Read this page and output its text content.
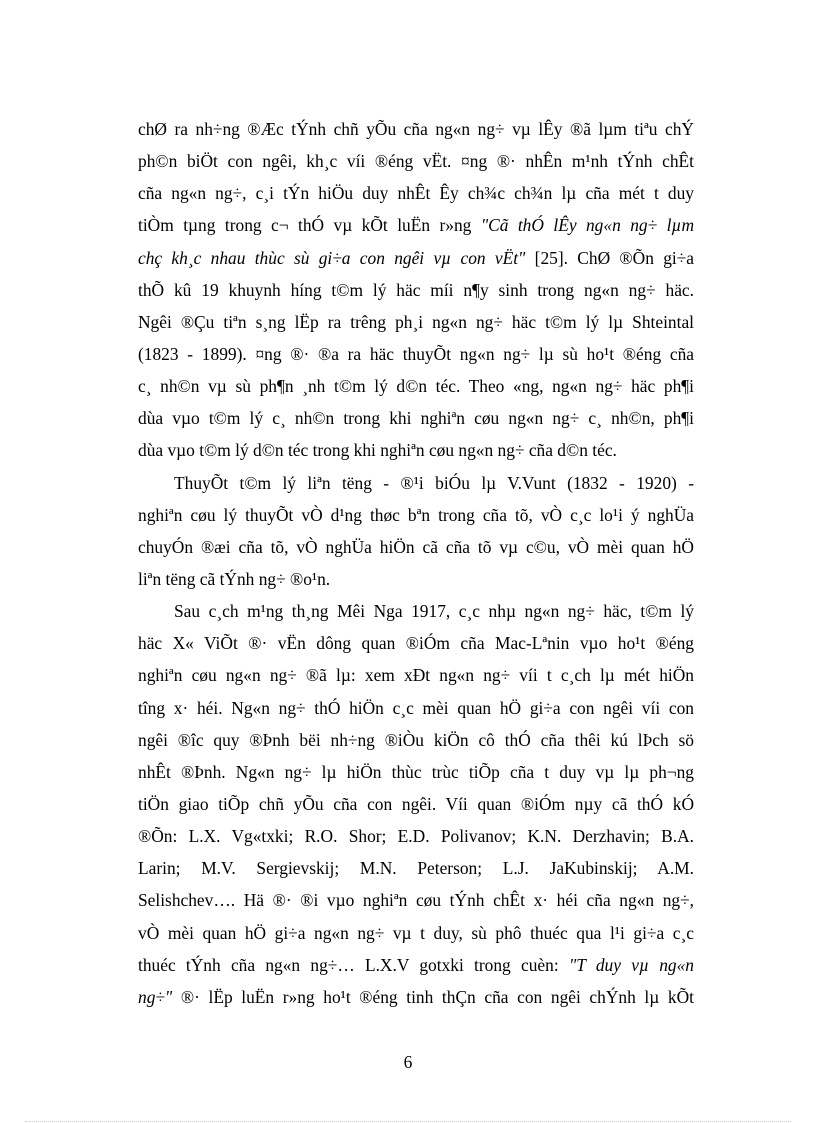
chØ ra nh÷ng ®Æc tÝnh chñ yÕu cña ng«n ng÷ vµ lÊy ®ã lµm tiªu chÝ
ph©n biÖt con ngêi, kh¸c víi ®éng vËt. ¤ng ®· nhÊn m¹nh tÝnh chÊt
cña ng«n ng÷, c¸i tÝn hiÖu duy nhÊt Êy ch¾c ch¾n lµ cña mét t duy
tiÒm tµng trong c¬ thÓ vµ kÕt luËn r»ng "Cã thÓ lÊy ng«n ng÷ lµm
chç kh¸c nhau thùc sù gi÷a con ngêi vµ con vËt" [25]. ChØ ®Õn gi÷a
thÕ kû 19 khuynh híng t©m lý häc míi n¶y sinh trong ng«n ng÷ häc.
Ngêi ®Çu tiªn s¸ng lËp ra trêng ph¸i ng«n ng÷ häc t©m lý lµ Shteintal
(1823 - 1899). ¤ng ®· ®a ra häc thuyÕt ng«n ng÷ lµ sù ho¹t ®éng cña
c¸ nh©n vµ sù ph¶n ¸nh t©m lý d©n téc. Theo «ng, ng«n ng÷ häc ph¶i
dùa vµo t©m lý c¸ nh©n trong khi nghiªn cøu ng«n ng÷ c¸ nh©n, ph¶i
dùa vµo t©m lý d©n téc trong khi nghiªn cøu ng«n ng÷ cña d©n téc.
ThuyÕt t©m lý liªn tëng - ®¹i biÓu lµ V.Vunt (1832 - 1920) -
nghiªn cøu lý thuyÕt vÒ d¹ng thøc bªn trong cña tõ, vÒ c¸c lo¹i ý nghÜa
chuyÓn ®æi cña tõ, vÒ nghÜa hiÖn cã cña tõ vµ c©u, vÒ mèi quan hÖ
liªn tëng cã tÝnh ng÷ ®o¹n.
Sau c¸ch m¹ng th¸ng Mêi Nga 1917, c¸c nhµ ng«n ng÷ häc, t©m lý
häc X« ViÕt ®· vËn dông quan ®iÓm cña Mac-Lªnin vµo ho¹t ®éng
nghiªn cøu ng«n ng÷ ®ã lµ: xem xÐt ng«n ng÷ víi t c¸ch lµ mét hiÖn
tîng x· héi. Ng«n ng÷ thÓ hiÖn c¸c mèi quan hÖ gi÷a con ngêi víi con
ngêi ®îc quy ®Þnh bëi nh÷ng ®iÒu kiÖn cô thÓ cña thêi kú lÞch sö
nhÊt ®Þnh. Ng«n ng÷ lµ hiÖn thùc trùc tiÕp cña t duy vµ lµ ph¬ng
tiÖn giao tiÕp chñ yÕu cña con ngêi. Víi quan ®iÓm nµy cã thÓ kÓ
®Õn: L.X. Vg«txki; R.O. Shor; E.D. Polivanov; K.N. Derzhavin; B.A.
Larin; M.V. Sergievskij; M.N. Peterson; L.J. JaKubinskij; A.M.
Selishchev…. Hä ®· ®i vµo nghiªn cøu tÝnh chÊt x· héi cña ng«n ng÷,
vÒ mèi quan hÖ gi÷a ng«n ng÷ vµ t duy, sù phô thuéc qua l¹i gi÷a c¸c
thuéc tÝnh cña ng«n ng÷… L.X.V gotxki trong cuèn: "T duy vµ ng«n
ng÷" ®· lËp luËn r»ng ho¹t ®éng tinh thÇn cña con ngêi chÝnh lµ kÕt
6
